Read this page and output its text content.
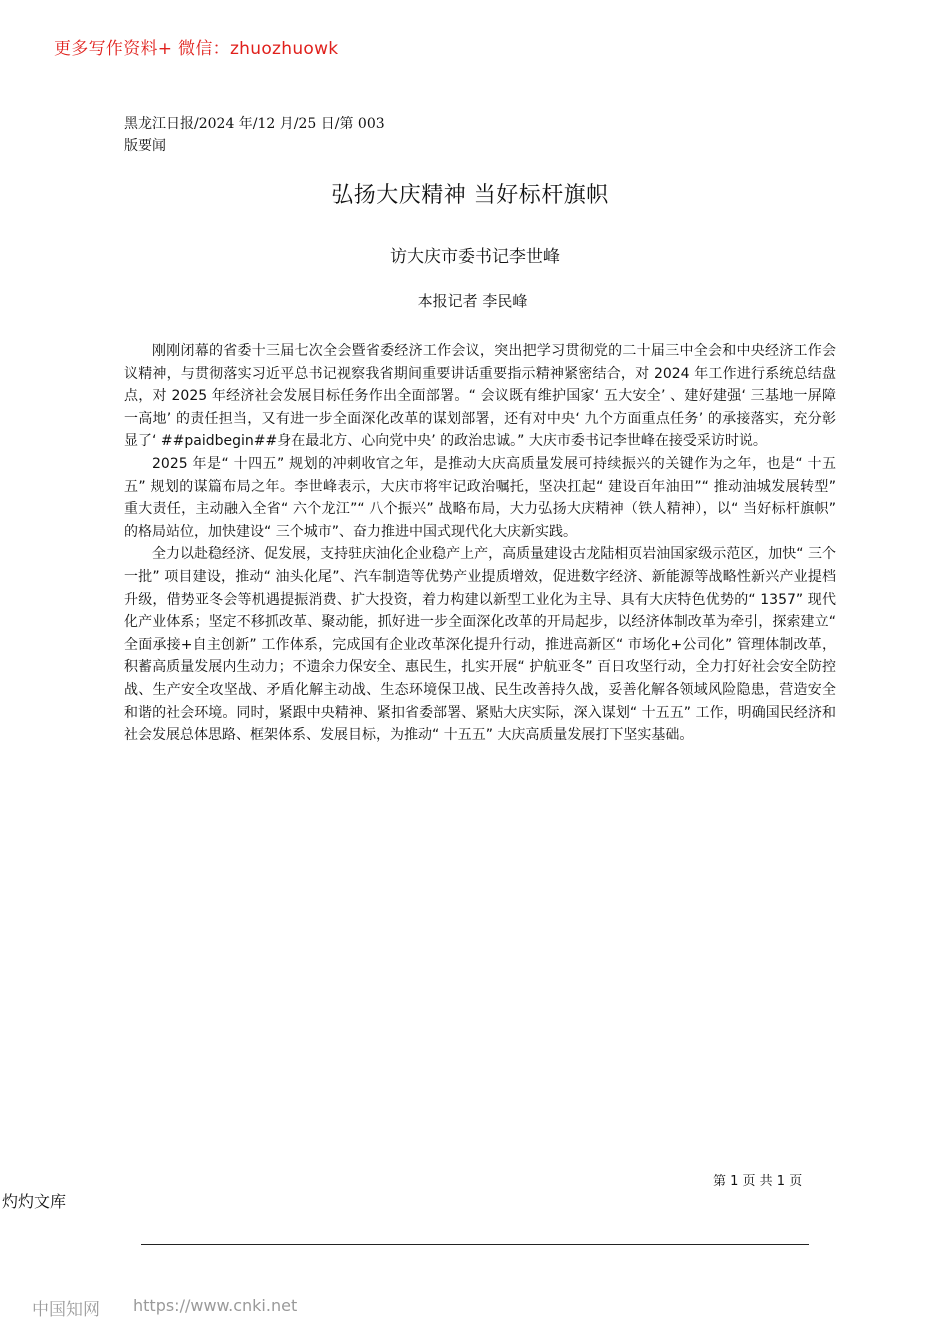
更多写作资料+ 微信：zhuozhuowk
黑龙江日报/2024 年/12 月/25 日/第 003
版要闻
弘扬大庆精神 当好标杆旗帜
访大庆市委书记李世峰
本报记者 李民峰

刚刚闭幕的省委十三届七次全会暨省委经济工作会议，突出把学习贯彻党的二十届三中全会和中央经济工作会议精神，与贯彻落实习近平总书记视察我省期间重要讲话重要指示精神紧密结合，对 2024 年工作进行系统总结盘点，对 2025 年经济社会发展目标任务作出全面部署。“ 会议既有维护国家‘ 五大安全’ 、建好建强‘ 三基地一屏障一高地’ 的责任担当，又有进一步全面深化改革的谋划部署，还有对中央‘ 九个方面重点任务’ 的承接落实，充分彰显了‘ ##paidbegin##身在最北方、心向党中央’ 的政治忠诚。” 大庆市委书记李世峰在接受采访时说。

2025 年是“ 十四五” 规划的冲刺收官之年，是推动大庆高质量发展可持续振兴的关键作为之年，也是“ 十五五” 规划的谋篇布局之年。李世峰表示，大庆市将牢记政治嘱托，坚决扛起“ 建设百年油田”“ 推动油城发展转型” 重大责任，主动融入全省“ 六个龙江”“ 八个振兴” 战略布局，大力弘扬大庆精神（铁人精神），以“ 当好标杆旗帜” 的格局站位，加快建设“ 三个城市”、奋力推进中国式现代化大庆新实践。

全力以赴稳经济、促发展，支持驻庆油化企业稳产上产，高质量建设古龙陆相页岩油国家级示范区，加快“ 三个一批” 项目建设，推动“ 油头化尾”、汽车制造等优势产业提质增效，促进数字经济、新能源等战略性新兴产业提档升级，借势亚冬会等机遇提振消费、扩大投资，着力构建以新型工业化为主导、具有大庆特色优势的“ 1357” 现代化产业体系；坚定不移抓改革、聚动能，抓好进一步全面深化改革的开局起步，以经济体制改革为牵引，探索建立“ 全面承接+自主创新” 工作体系，完成国有企业改革深化提升行动，推进高新区“ 市场化+公司化” 管理体制改革，积蓄高质量发展内生动力；不遗余力保安全、惠民生，扎实开展“ 护航亚冬” 百日攻坚行动，全力打好社会安全防控战、生产安全攻坚战、矛盾化解主动战、生态环境保卫战、民生改善持久战，妥善化解各领域风险隐患，营造安全和谐的社会环境。同时，紧跟中央精神、紧扣省委部署、紧贴大庆实际，深入谋划“ 十五五” 工作，明确国民经济和社会发展总体思路、框架体系、发展目标，为推动“ 十五五” 大庆高质量发展打下坚实基础。

第 1 页 共 1 页
灼灼文库
中国知网 https://www.cnki.net
